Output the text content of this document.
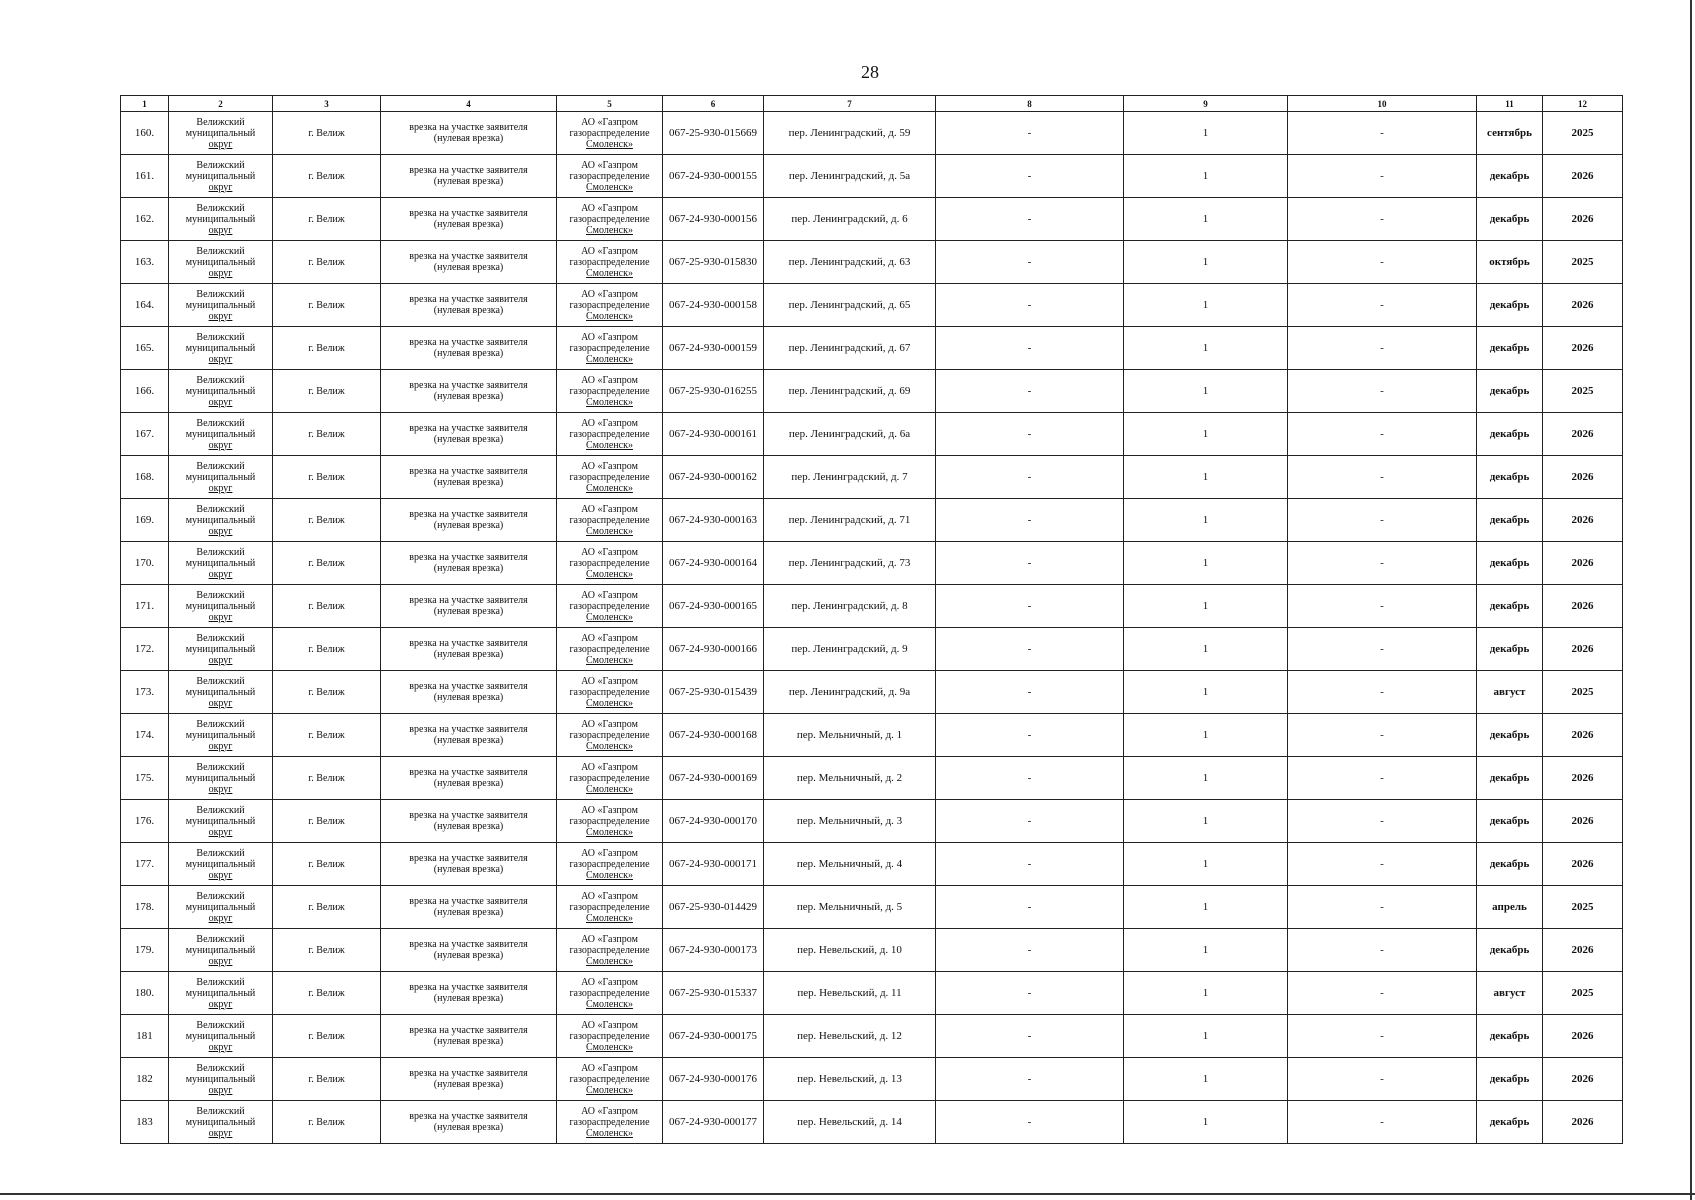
28
1	2	3	4	5	6	7	8	9	10	11	12
160.	Велижский
муниципальный
округ	г. Велиж	врезка на участке заявителя
(нулевая врезка)	АО «Газпром
газораспределение
Смоленск»	067-25-930-015669	пер. Ленинградский, д. 59	-	1	-	сентябрь	2025
161.	Велижский
муниципальный
округ	г. Велиж	врезка на участке заявителя
(нулевая врезка)	АО «Газпром
газораспределение
Смоленск»	067-24-930-000155	пер. Ленинградский, д. 5а	-	1	-	декабрь	2026
162.	Велижский
муниципальный
округ	г. Велиж	врезка на участке заявителя
(нулевая врезка)	АО «Газпром
газораспределение
Смоленск»	067-24-930-000156	пер. Ленинградский, д. 6	-	1	-	декабрь	2026
163.	Велижский
муниципальный
округ	г. Велиж	врезка на участке заявителя
(нулевая врезка)	АО «Газпром
газораспределение
Смоленск»	067-25-930-015830	пер. Ленинградский, д. 63	-	1	-	октябрь	2025
164.	Велижский
муниципальный
округ	г. Велиж	врезка на участке заявителя
(нулевая врезка)	АО «Газпром
газораспределение
Смоленск»	067-24-930-000158	пер. Ленинградский, д. 65	-	1	-	декабрь	2026
165.	Велижский
муниципальный
округ	г. Велиж	врезка на участке заявителя
(нулевая врезка)	АО «Газпром
газораспределение
Смоленск»	067-24-930-000159	пер. Ленинградский, д. 67	-	1	-	декабрь	2026
166.	Велижский
муниципальный
округ	г. Велиж	врезка на участке заявителя
(нулевая врезка)	АО «Газпром
газораспределение
Смоленск»	067-25-930-016255	пер. Ленинградский, д. 69	-	1	-	декабрь	2025
167.	Велижский
муниципальный
округ	г. Велиж	врезка на участке заявителя
(нулевая врезка)	АО «Газпром
газораспределение
Смоленск»	067-24-930-000161	пер. Ленинградский, д. 6а	-	1	-	декабрь	2026
168.	Велижский
муниципальный
округ	г. Велиж	врезка на участке заявителя
(нулевая врезка)	АО «Газпром
газораспределение
Смоленск»	067-24-930-000162	пер. Ленинградский, д. 7	-	1	-	декабрь	2026
169.	Велижский
муниципальный
округ	г. Велиж	врезка на участке заявителя
(нулевая врезка)	АО «Газпром
газораспределение
Смоленск»	067-24-930-000163	пер. Ленинградский, д. 71	-	1	-	декабрь	2026
170.	Велижский
муниципальный
округ	г. Велиж	врезка на участке заявителя
(нулевая врезка)	АО «Газпром
газораспределение
Смоленск»	067-24-930-000164	пер. Ленинградский, д. 73	-	1	-	декабрь	2026
171.	Велижский
муниципальный
округ	г. Велиж	врезка на участке заявителя
(нулевая врезка)	АО «Газпром
газораспределение
Смоленск»	067-24-930-000165	пер. Ленинградский, д. 8	-	1	-	декабрь	2026
172.	Велижский
муниципальный
округ	г. Велиж	врезка на участке заявителя
(нулевая врезка)	АО «Газпром
газораспределение
Смоленск»	067-24-930-000166	пер. Ленинградский, д. 9	-	1	-	декабрь	2026
173.	Велижский
муниципальный
округ	г. Велиж	врезка на участке заявителя
(нулевая врезка)	АО «Газпром
газораспределение
Смоленск»	067-25-930-015439	пер. Ленинградский, д. 9а	-	1	-	август	2025
174.	Велижский
муниципальный
округ	г. Велиж	врезка на участке заявителя
(нулевая врезка)	АО «Газпром
газораспределение
Смоленск»	067-24-930-000168	пер. Мельничный, д. 1	-	1	-	декабрь	2026
175.	Велижский
муниципальный
округ	г. Велиж	врезка на участке заявителя
(нулевая врезка)	АО «Газпром
газораспределение
Смоленск»	067-24-930-000169	пер. Мельничный, д. 2	-	1	-	декабрь	2026
176.	Велижский
муниципальный
округ	г. Велиж	врезка на участке заявителя
(нулевая врезка)	АО «Газпром
газораспределение
Смоленск»	067-24-930-000170	пер. Мельничный, д. 3	-	1	-	декабрь	2026
177.	Велижский
муниципальный
округ	г. Велиж	врезка на участке заявителя
(нулевая врезка)	АО «Газпром
газораспределение
Смоленск»	067-24-930-000171	пер. Мельничный, д. 4	-	1	-	декабрь	2026
178.	Велижский
муниципальный
округ	г. Велиж	врезка на участке заявителя
(нулевая врезка)	АО «Газпром
газораспределение
Смоленск»	067-25-930-014429	пер. Мельничный, д. 5	-	1	-	апрель	2025
179.	Велижский
муниципальный
округ	г. Велиж	врезка на участке заявителя
(нулевая врезка)	АО «Газпром
газораспределение
Смоленск»	067-24-930-000173	пер. Невельский, д. 10	-	1	-	декабрь	2026
180.	Велижский
муниципальный
округ	г. Велиж	врезка на участке заявителя
(нулевая врезка)	АО «Газпром
газораспределение
Смоленск»	067-25-930-015337	пер. Невельский, д. 11	-	1	-	август	2025
181	Велижский
муниципальный
округ	г. Велиж	врезка на участке заявителя
(нулевая врезка)	АО «Газпром
газораспределение
Смоленск»	067-24-930-000175	пер. Невельский, д. 12	-	1	-	декабрь	2026
182	Велижский
муниципальный
округ	г. Велиж	врезка на участке заявителя
(нулевая врезка)	АО «Газпром
газораспределение
Смоленск»	067-24-930-000176	пер. Невельский, д. 13	-	1	-	декабрь	2026
183	Велижский
муниципальный
округ	г. Велиж	врезка на участке заявителя
(нулевая врезка)	АО «Газпром
газораспределение
Смоленск»	067-24-930-000177	пер. Невельский, д. 14	-	1	-	декабрь	2026
